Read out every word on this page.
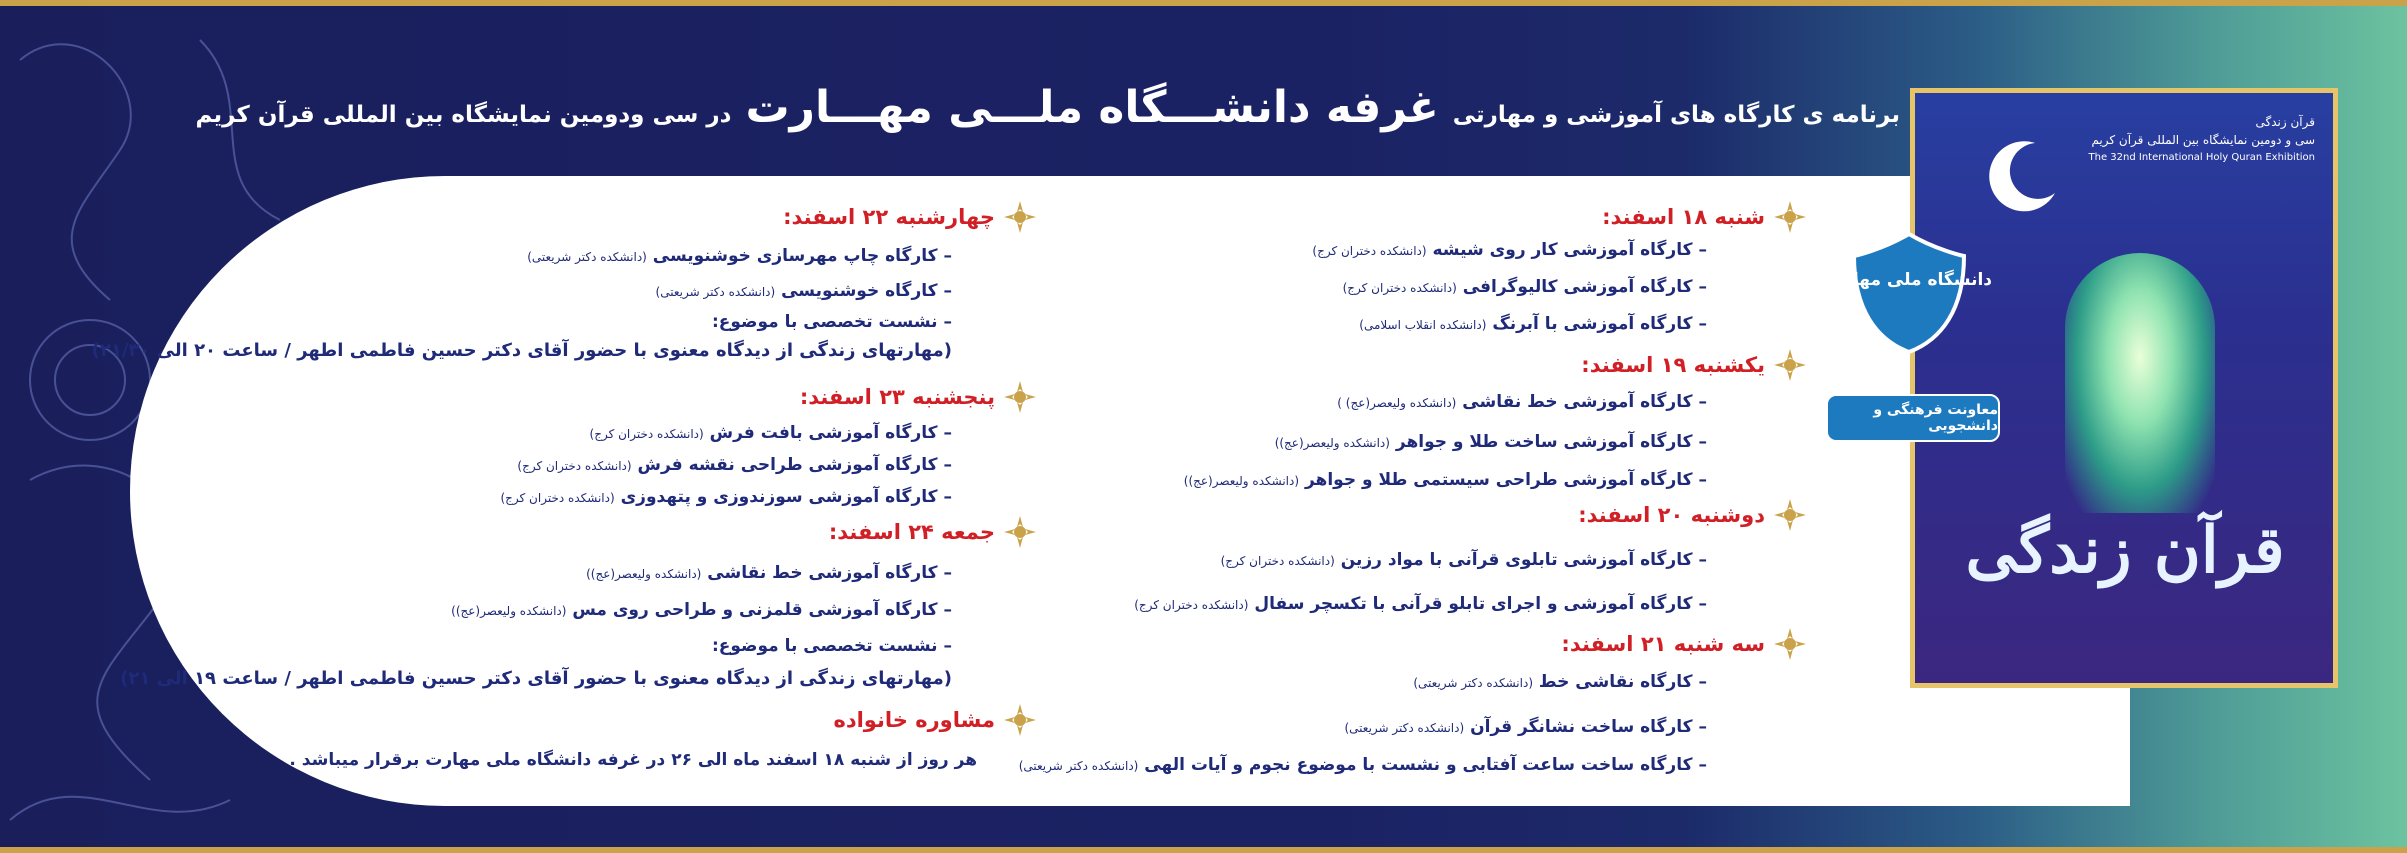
برنامه ی کارگاه های آموزشی و مهارتی
غرفه دانشـــگاه ملـــی مهـــارت
در سی ودومین نمایشگاه بین المللی قرآن کریم
شنبه ۱۸ اسفند:
–کارگاه آموزشی کار روی شیشه (دانشکده دختران کرج)
–کارگاه آموزشی کالیوگرافی (دانشکده دختران کرج)
–کارگاه آموزشی با آبرنگ (دانشکده انقلاب اسلامی)
یکشنبه ۱۹ اسفند:
–کارگاه آموزشی خط نقاشی (دانشکده ولیعصر(عج) )
–کارگاه آموزشی ساخت طلا و جواهر (دانشکده ولیعصر(عج))
–کارگاه آموزشی طراحی سیستمی طلا و جواهر (دانشکده ولیعصر(عج))
دوشنبه ۲۰ اسفند:
–کارگاه آموزشی تابلوی قرآنی با مواد رزین (دانشکده دختران کرج)
–کارگاه آموزشی و اجرای تابلو قرآنی با تکسچر سفال (دانشکده دختران کرج)
سه شنبه ۲۱ اسفند:
–کارگاه نقاشی خط (دانشکده دکتر شریعتی)
–کارگاه ساخت نشانگر قرآن (دانشکده دکتر شریعتی)
–کارگاه ساخت ساعت آفتابی و نشست با موضوع نجوم و آیات الهی (دانشکده دکتر شریعتی)
چهارشنبه ۲۲ اسفند:
–کارگاه چاپ مهرسازی خوشنویسی (دانشکده دکتر شریعتی)
–کارگاه خوشنویسی (دانشکده دکتر شریعتی)
–نشست تخصصی با موضوع:
(مهارتهای زندگی از دیدگاه معنوی با حضور آقای دکتر حسین فاطمی اطهر / ساعت ۲۰ الی ۲۱/۳۰)
پنجشنبه ۲۳ اسفند:
–کارگاه آموزشی بافت فرش (دانشکده دختران کرج)
–کارگاه آموزشی طراحی نقشه فرش (دانشکده دختران کرج)
–کارگاه آموزشی سوزندوزی و پتهدوزی (دانشکده دختران کرج)
جمعه ۲۴ اسفند:
–کارگاه آموزشی خط نقاشی (دانشکده ولیعصر(عج))
–کارگاه آموزشی قلمزنی و طراحی روی مس (دانشکده ولیعصر(عج))
–نشست تخصصی با موضوع:
(مهارتهای زندگی از دیدگاه معنوی با حضور آقای دکتر حسین فاطمی اطهر / ساعت ۱۹ الی ۲۱)
مشاوره خانواده
هر روز از شنبه ۱۸ اسفند ماه الی ۲۶ در غرفه دانشگاه ملی مهارت برقرار میباشد .
قرآن زندگی
سی و دومین نمایشگاه بین المللی قرآن کریم
The 32nd International Holy Quran Exhibition
قرآن زندگی
دانشگاه ملی مهارت
معاونت فرهنگی و دانشجویی
